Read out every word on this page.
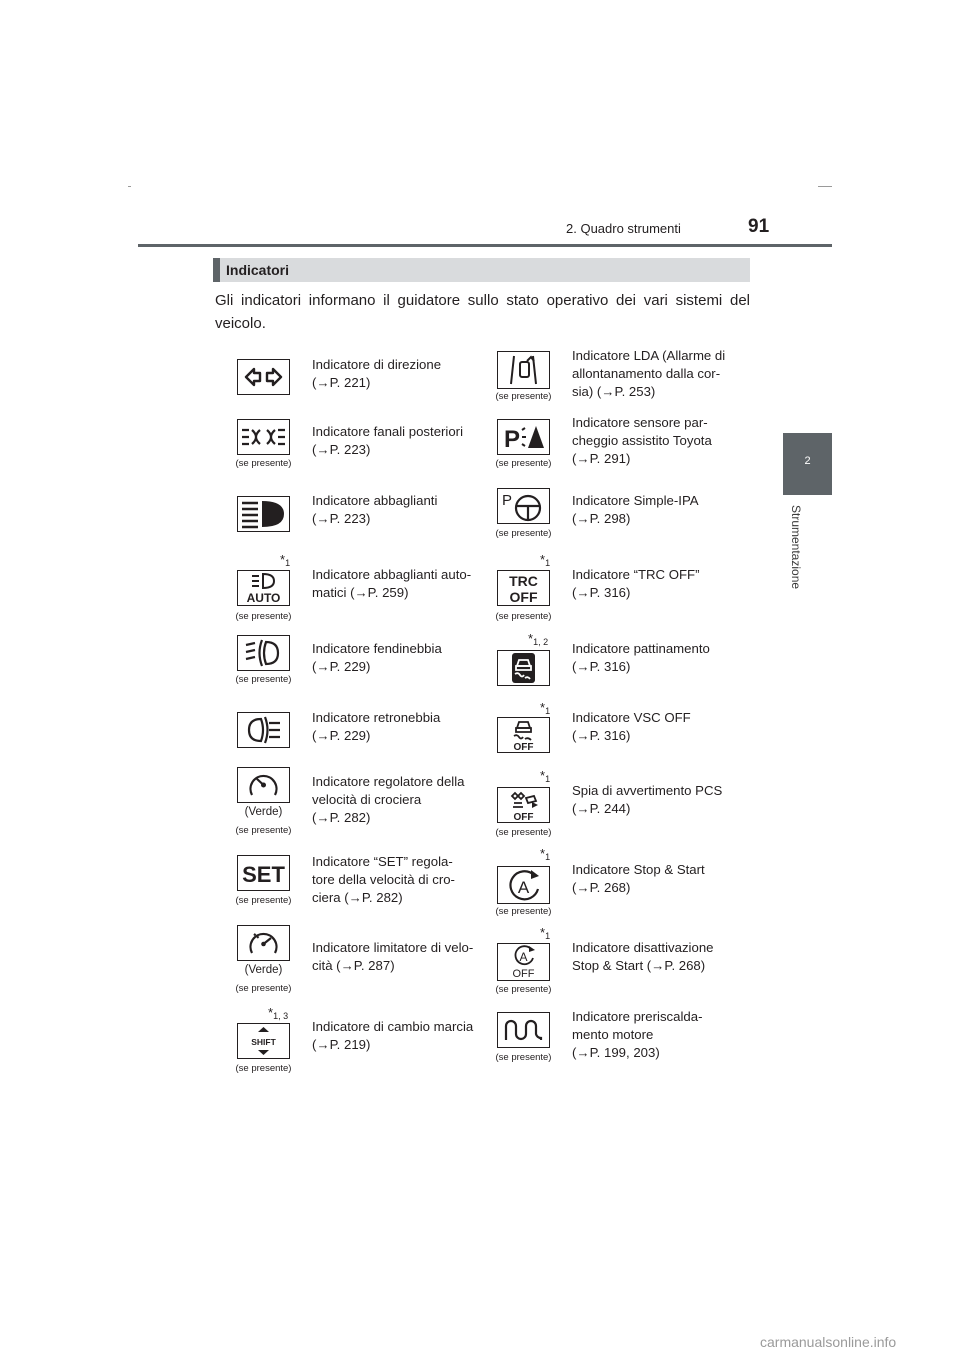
2. Quadro strumenti	91
2
Strumentazione
Indicatori
Gli indicatori informano il guidatore sullo stato operativo dei vari sistemi del veicolo.
Indicatore di direzione
(→P. 221)
(se presente)
Indicatore fanali posteriori
(→P. 223)
Indicatore abbaglianti
(→P. 223)
$*_1$
AUTO
(se presente)
Indicatore abbaglianti auto-
matici (→P. 259)
(se presente)
Indicatore fendinebbia
(→P. 229)
Indicatore retronebbia
(→P. 229)
(Verde)
(se presente)
Indicatore regolatore della
velocità di crociera
(→P. 282)
SET
(se presente)
Indicatore “SET” regola-
tore della velocità di cro-
ciera (→P. 282)
(Verde)
(se presente)
Indicatore limitatore di velo-
cità (→P. 287)
$*_{1, 3}$
SHIFT
(se presente)
Indicatore di cambio marcia
(→P. 219)
(se presente)
Indicatore LDA (Allarme di
allontanamento dalla cor-
sia) (→P. 253)
P
(se presente)
Indicatore sensore par-
cheggio assistito Toyota
(→P. 291)
P
(se presente)
Indicatore Simple-IPA
(→P. 298)
$*_1$
TRC
OFF
(se presente)
Indicatore “TRC OFF”
(→P. 316)
$*_{1, 2}$ Indicatore pattinamento
(→P. 316)
$*_1$
OFF
Indicatore VSC OFF
(→P. 316)
$*_1$
OFF
(se presente)
Spia di avvertimento PCS
(→P. 244)
$*_1$
A
(se presente)
Indicatore Stop & Start
(→P. 268)
$*_1$
A
OFF
(se presente)
Indicatore disattivazione
Stop & Start (→P. 268)
(se presente)
Indicatore preriscalda-
mento motore
(→P. 199, 203)
carmanualsonline.info
